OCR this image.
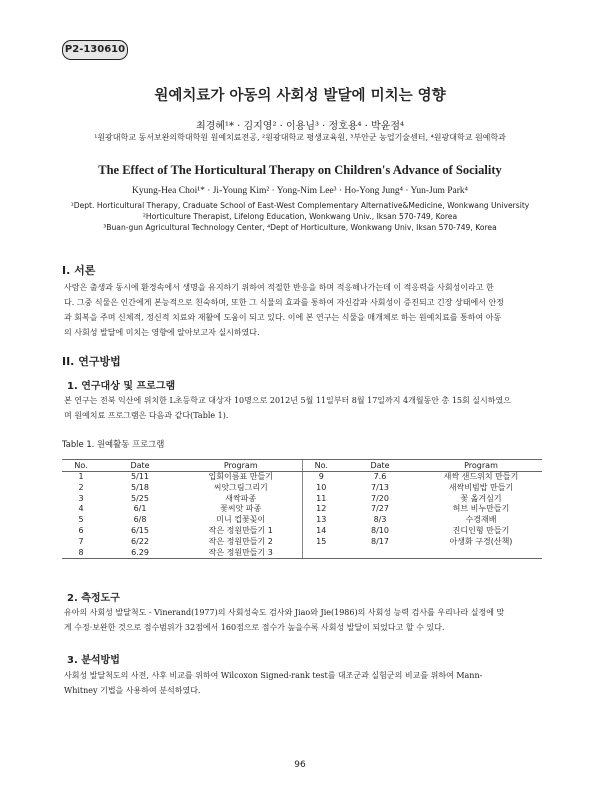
P2-130610
원예치료가 아동의 사회성 발달에 미치는 영향
최경혜¹* · 김지영² · 이용님³ · 정호용⁴ · 박윤점⁴
¹원광대학교 동서보완의학대학원 원예치료전공, ²원광대학교 평생교육원, ³부안군 농업기술센터, ⁴원광대학교 원예학과
The Effect of The Horticultural Therapy on Children's Advance of Sociality
Kyung-Hea Choi¹* · Ji-Young Kim² · Yong-Nim Lee³ · Ho-Yong Jung⁴ · Yun-Jum Park⁴
¹Dept. Horticultural Therapy, Craduate School of East-West Complementary Alternative&Medicine, Wonkwang University
²Horticulture Therapist, Lifelong Education, Wonkwang Univ., Iksan 570-749, Korea
³Buan-gun Agricultural Technology Center, ⁴Dept of Horticulture, Wonkwang Univ, Iksan 570-749, Korea
I. 서론
사람은 출생과 동시에 환경속에서 생명을 유지하기 위하여 적절한 반응을 하며 적응해나가는데 이 적응력을 사회성이라고 한
다. 그중 식물은 인간에게 본능적으로 친숙하며, 또한 그 식물의 효과를 통하여 자신감과 사회성이 증진되고 긴장 상태에서 안정
과 회복을 주며 신체적, 정신적 치료와 재활에 도움이 되고 있다. 이에 본 연구는 식물을 매개체로 하는 원예치료를 통하여 아동
의 사회성 발달에 미치는 영향에 알아보고자 실시하였다.
II. 연구방법
1. 연구대상 및 프로그램
본 연구는 전북 익산에 위치한 L초등학교 대상자 10명으로 2012년 5월 11일부터 8월 17일까지 4개월동안 총 15회 실시하였으
며 원예치료 프로그램은 다음과 같다(Table 1).
Table 1. 원예활동 프로그램
No.	Date	Program	No.	Date	Program
1	5/11	입회이름표 만들기	9	7.6	새싹 샌드위치 만들기
2	5/18	씨앗그림그리기	10	7/13	새싹비빔밥 만들기
3	5/25	새싹파종	11	7/20	꽃 옮겨심기
4	6/1	꽃씨앗 파종	12	7/27	허브 비누만들기
5	6/8	미니 컵꽃꽂이	13	8/3	수경재배
6	6/15	작은 정원만들기 1	14	8/10	진디인형 만들기
7	6/22	작은 정원만들기 2	15	8/17	아생화 구경(산책)
8	6.29	작은 정원만들기 3			
2. 측정도구
유아의 사회성 발달척도 - Vinerand(1977)의 사회성숙도 검사와 Jiao와 Jie(1986)의 사회성 능력 검사를 우리나라 실정에 맞
게 수정·보완한 것으로 점수범위가 32점에서 160점으로 점수가 높을수록 사회성 발달이 되었다고 할 수 있다.
3. 분석방법
사회성 발달척도의 사전, 사후 비교를 위하여 Wilcoxon Signed-rank test를 대조군과 실험군의 비교를 위하여 Mann-
Whitney 기법을 사용하여 분석하였다.
96
